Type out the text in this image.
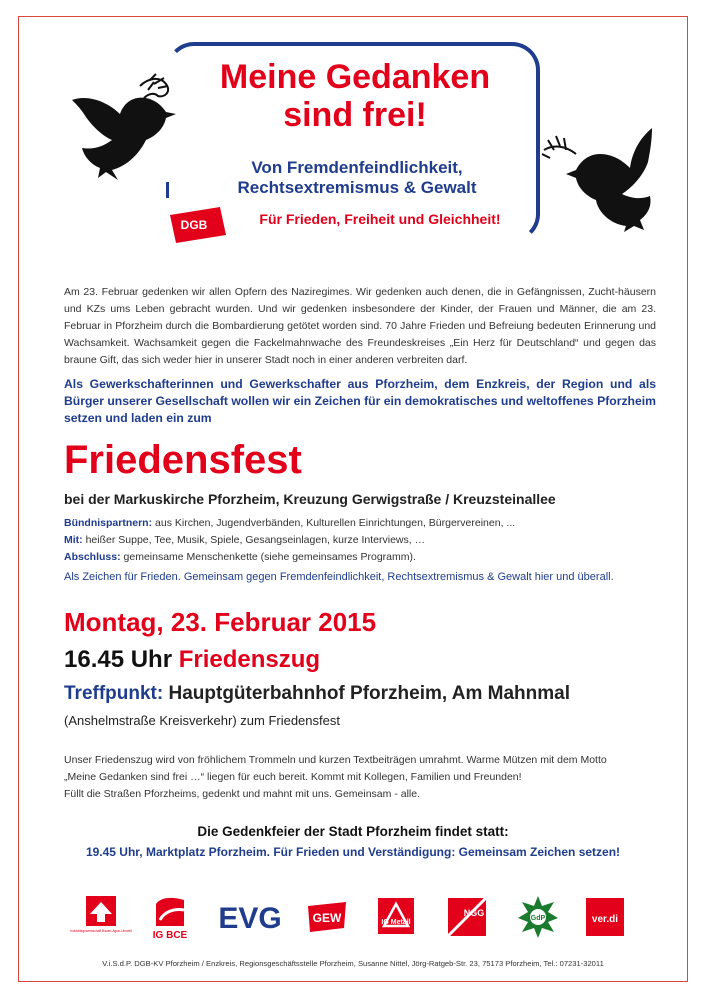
Meine Gedanken
sind frei!
Von Fremdenfeindlichkeit,
Rechtsextremismus & Gewalt
DGB	Für Frieden, Freiheit und Gleichheit!
Am 23. Februar gedenken wir allen Opfern des Naziregimes. Wir gedenken auch denen, die in Gefängnissen, Zucht-häusern und KZs ums Leben gebracht wurden. Und wir gedenken insbesondere der Kinder, der Frauen und Männer, die am 23. Februar in Pforzheim durch die Bombardierung getötet worden sind. 70 Jahre Frieden und Befreiung bedeuten Erinnerung und Wachsamkeit. Wachsamkeit gegen die Fackelmahnwache des Freundeskreises „Ein Herz für Deutschland“ und gegen das braune Gift, das sich weder hier in unserer Stadt noch in einer anderen verbreiten darf.
Als Gewerkschafterinnen und Gewerkschafter aus Pforzheim, dem Enzkreis, der Region und als Bürger unserer Gesellschaft wollen wir ein Zeichen für ein demokratisches und weltoffenes Pforzheim setzen und laden ein zum
Friedensfest
bei der Markuskirche Pforzheim, Kreuzung Gerwigstraße / Kreuzsteinallee
Bündnispartnern: aus Kirchen, Jugendverbänden, Kulturellen Einrichtungen, Bürgervereinen, ...
Mit: heißer Suppe, Tee, Musik, Spiele, Gesangseinlagen, kurze Interviews, …
Abschluss: gemeinsame Menschenkette (siehe gemeinsames Programm).
Als Zeichen für Frieden. Gemeinsam gegen Fremdenfeindlichkeit, Rechtsextremismus & Gewalt hier und überall.
Montag, 23. Februar 2015
16.45 Uhr Friedenszug
Treffpunkt: Hauptgüterbahnhof Pforzheim, Am Mahnmal
(Anshelmstraße Kreisverkehr) zum Friedensfest
Unser Friedenszug wird von fröhlichem Trommeln und kurzen Textbeiträgen umrahmt. Warme Mützen mit dem Motto
„Meine Gedanken sind frei …“ liegen für euch bereit. Kommt mit Kollegen, Familien und Freunden!
Füllt die Straßen Pforzheims, gedenkt und mahnt mit uns. Gemeinsam - alle.
Die Gedenkfeier der Stadt Pforzheim findet statt:
19.45 Uhr, Marktplatz Pforzheim. Für Frieden und Verständigung: Gemeinsam Zeichen setzen!
Industriegewerkschaft Bauen-Agrar-Umwelt IG BCE
EVG	GEW	IG Metall
NGG
GdP	ver.di
V.i.S.d.P. DGB-KV Pforzheim / Enzkreis, Regionsgeschäftsstelle Pforzheim, Susanne Nittel, Jörg-Ratgeb-Str. 23, 75173 Pforzheim, Tel.: 07231-32011
